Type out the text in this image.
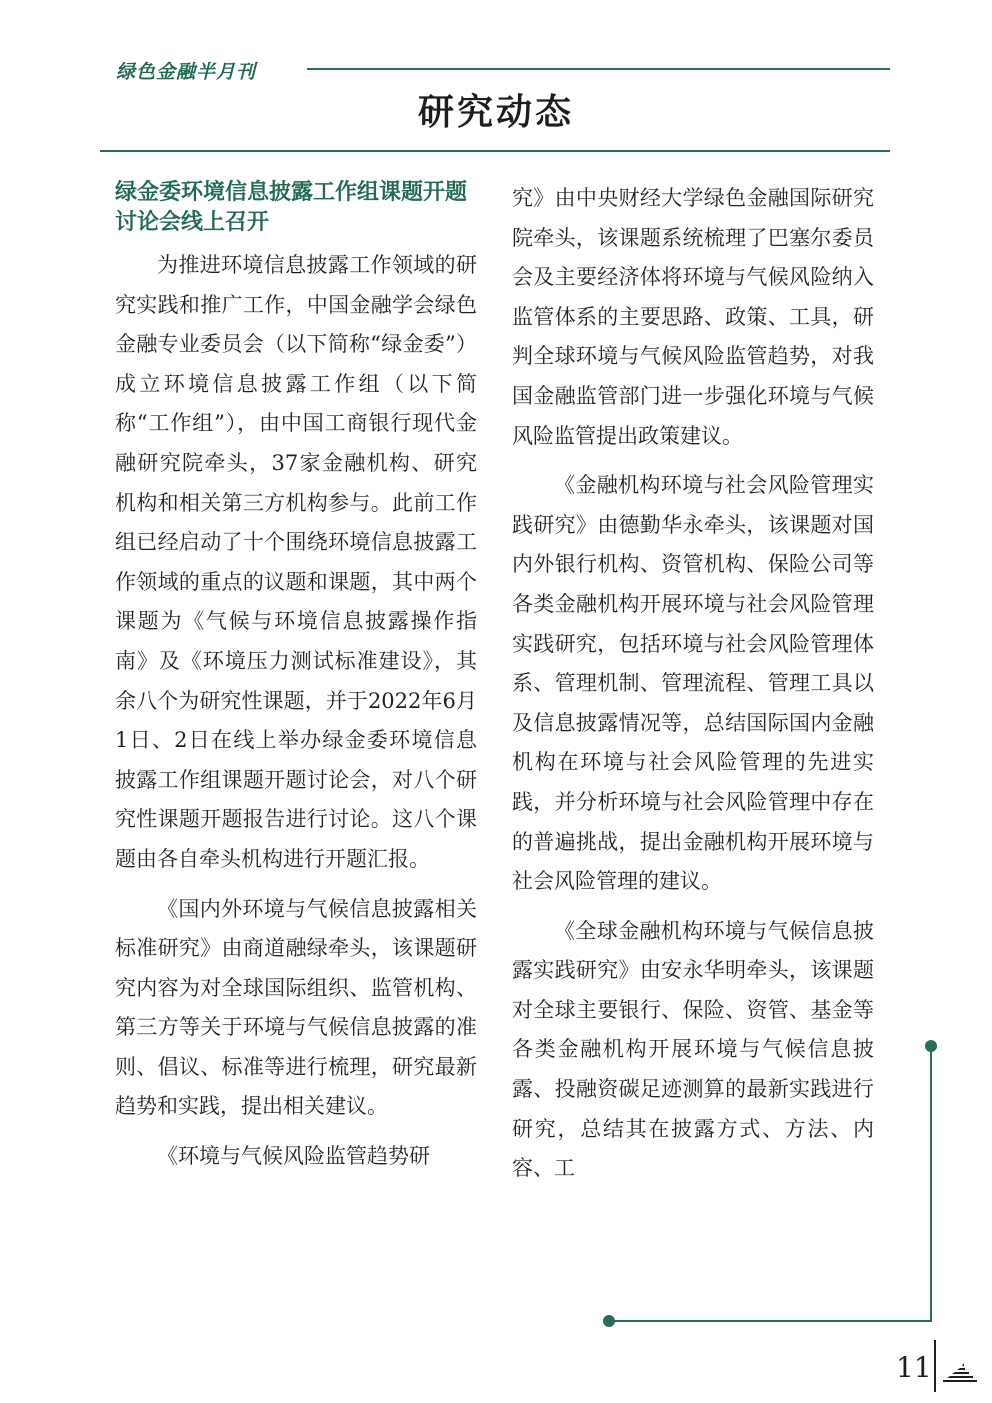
绿色金融半月刊
研究动态
绿金委环境信息披露工作组课题开题讨论会线上召开

为推进环境信息披露工作领域的研究实践和推广工作，中国金融学会绿色金融专业委员会（以下简称“绿金委”）成立环境信息披露工作组（以下简称“工作组”），由中国工商银行现代金融研究院牵头，37家金融机构、研究机构和相关第三方机构参与。此前工作组已经启动了十个围绕环境信息披露工作领域的重点的议题和课题，其中两个课题为《气候与环境信息披露操作指南》及《环境压力测试标准建设》，其余八个为研究性课题，并于2022年6月1日、2日在线上举办绿金委环境信息披露工作组课题开题讨论会，对八个研究性课题开题报告进行讨论。这八个课题由各自牵头机构进行开题汇报。

《国内外环境与气候信息披露相关标准研究》由商道融绿牵头，该课题研究内容为对全球国际组织、监管机构、第三方等关于环境与气候信息披露的准则、倡议、标准等进行梳理，研究最新趋势和实践，提出相关建议。

《环境与气候风险监管趋势研

究》由中央财经大学绿色金融国际研究院牵头，该课题系统梳理了巴塞尔委员会及主要经济体将环境与气候风险纳入监管体系的主要思路、政策、工具，研判全球环境与气候风险监管趋势，对我国金融监管部门进一步强化环境与气候风险监管提出政策建议。

《金融机构环境与社会风险管理实践研究》由德勤华永牵头，该课题对国内外银行机构、资管机构、保险公司等各类金融机构开展环境与社会风险管理实践研究，包括环境与社会风险管理体系、管理机制、管理流程、管理工具以及信息披露情况等，总结国际国内金融机构在环境与社会风险管理的先进实践，并分析环境与社会风险管理中存在的普遍挑战，提出金融机构开展环境与社会风险管理的建议。

《全球金融机构环境与气候信息披露实践研究》由安永华明牵头，该课题对全球主要银行、保险、资管、基金等各类金融机构开展环境与气候信息披露、投融资碳足迹测算的最新实践进行研究，总结其在披露方式、方法、内容、工

11
